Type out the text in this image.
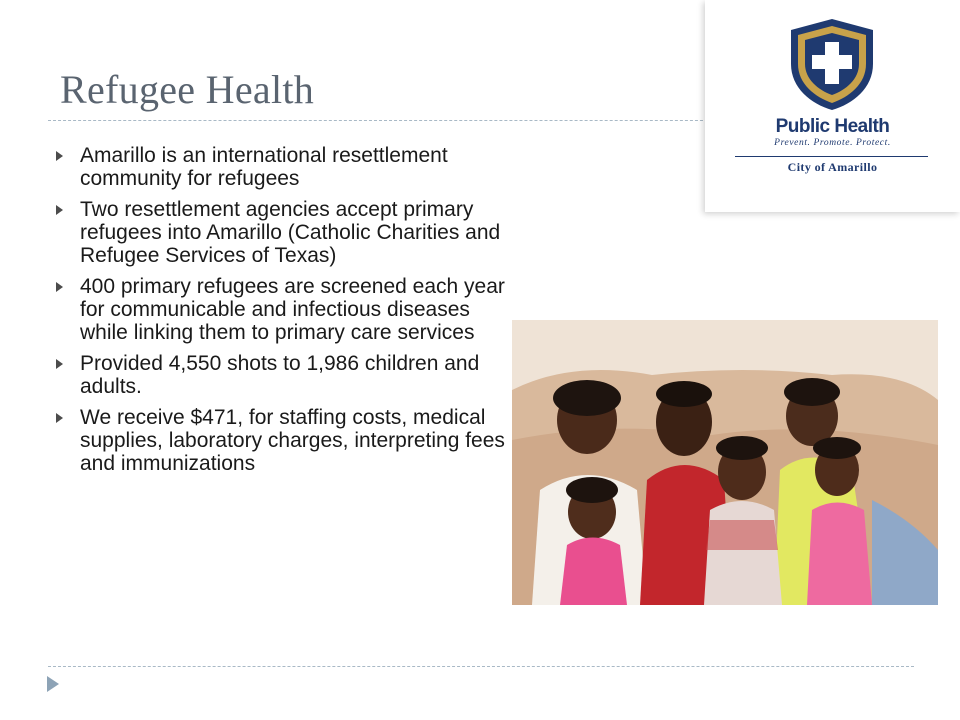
Refugee Health
Amarillo is an international resettlement community for refugees
Two resettlement agencies accept primary refugees into Amarillo (Catholic Charities and Refugee Services of Texas)
400 primary refugees are screened each year for communicable and infectious diseases while linking them to primary care services
Provided 4,550 shots to 1,986 children and adults.
We receive $471, for staffing costs, medical supplies, laboratory charges, interpreting fees and immunizations
Public Health
Prevent. Promote. Protect.
City of Amarillo
